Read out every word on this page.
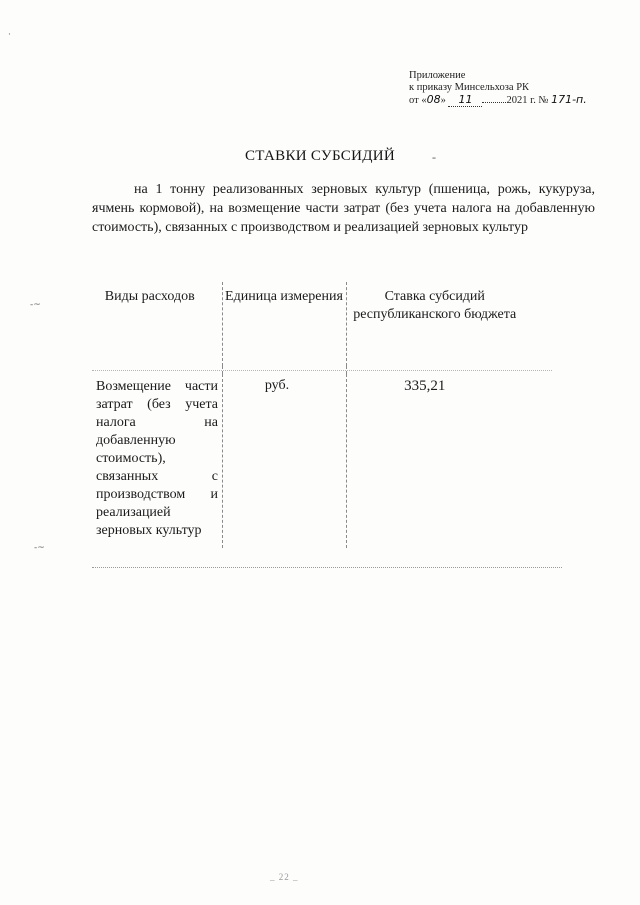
Приложение
к приказу Минсельхоза РК
от «08» 11	2021 г. № 171-п.
СТАВКИ СУБСИДИЙ	-
на 1 тонну реализованных зерновых культур (пшеница, рожь, кукуруза, ячмень кормовой), на возмещение части затрат (без учета налога на добавленную стоимость), связанных с производством и реализацией зерновых культур
Виды расходов	Единица измерения	Ставка субсидий республиканского бюджета

Возмещение части затрат (без учета налога на добавленную стоимость), связанных с производством и реализацией зерновых культур	руб.	335,21
-~
-~
·
_ 22 _
